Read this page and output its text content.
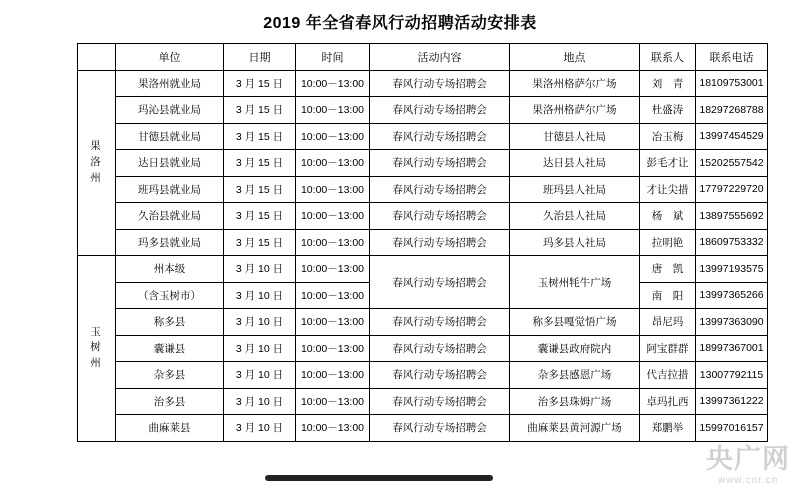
2019 年全省春风行动招聘活动安排表
	单位	日期	时间	活动内容	地点	联系人	联系电话

果洛州	果洛州就业局	3 月 15 日	10:00－13:00	春风行动专场招聘会	果洛州格萨尔广场	刘　青	18109753001
	玛沁县就业局	3 月 15 日	10:00－13:00	春风行动专场招聘会	果洛州格萨尔广场	杜盛涛	18297268788
	甘德县就业局	3 月 15 日	10:00－13:00	春风行动专场招聘会	甘德县人社局	冶玉梅	13997454529
	达日县就业局	3 月 15 日	10:00－13:00	春风行动专场招聘会	达日县人社局	彭毛才让	15202557542
	班玛县就业局	3 月 15 日	10:00－13:00	春风行动专场招聘会	班玛县人社局	才让尖措	17797229720
	久治县就业局	3 月 15 日	10:00－13:00	春风行动专场招聘会	久治县人社局	杨　斌	13897555692
	玛多县就业局	3 月 15 日	10:00－13:00	春风行动专场招聘会	玛多县人社局	拉明艳	18609753332

玉树州	州本级	3 月 10 日	10:00－13:00	春风行动专场招聘会	玉树州牦牛广场	唐　凯	13997193575
	（含玉树市）	3 月 10 日	10:00－13:00			南　阳	13997365266
	称多县	3 月 10 日	10:00－13:00	春风行动专场招聘会	称多县嘎觉悟广场	昂尼玛	13997363090
	囊谦县	3 月 10 日	10:00－13:00	春风行动专场招聘会	囊谦县政府院内	阿宝群群	18997367001
	杂多县	3 月 10 日	10:00－13:00	春风行动专场招聘会	杂多县感恩广场	代吉拉措	13007792115
	治多县	3 月 10 日	10:00－13:00	春风行动专场招聘会	治多县珠姆广场	卓玛扎西	13997361222
	曲麻莱县	3 月 10 日	10:00－13:00	春风行动专场招聘会	曲麻莱县黄河源广场	郑鹏举	15997016157
央广网
www.cnr.cn
